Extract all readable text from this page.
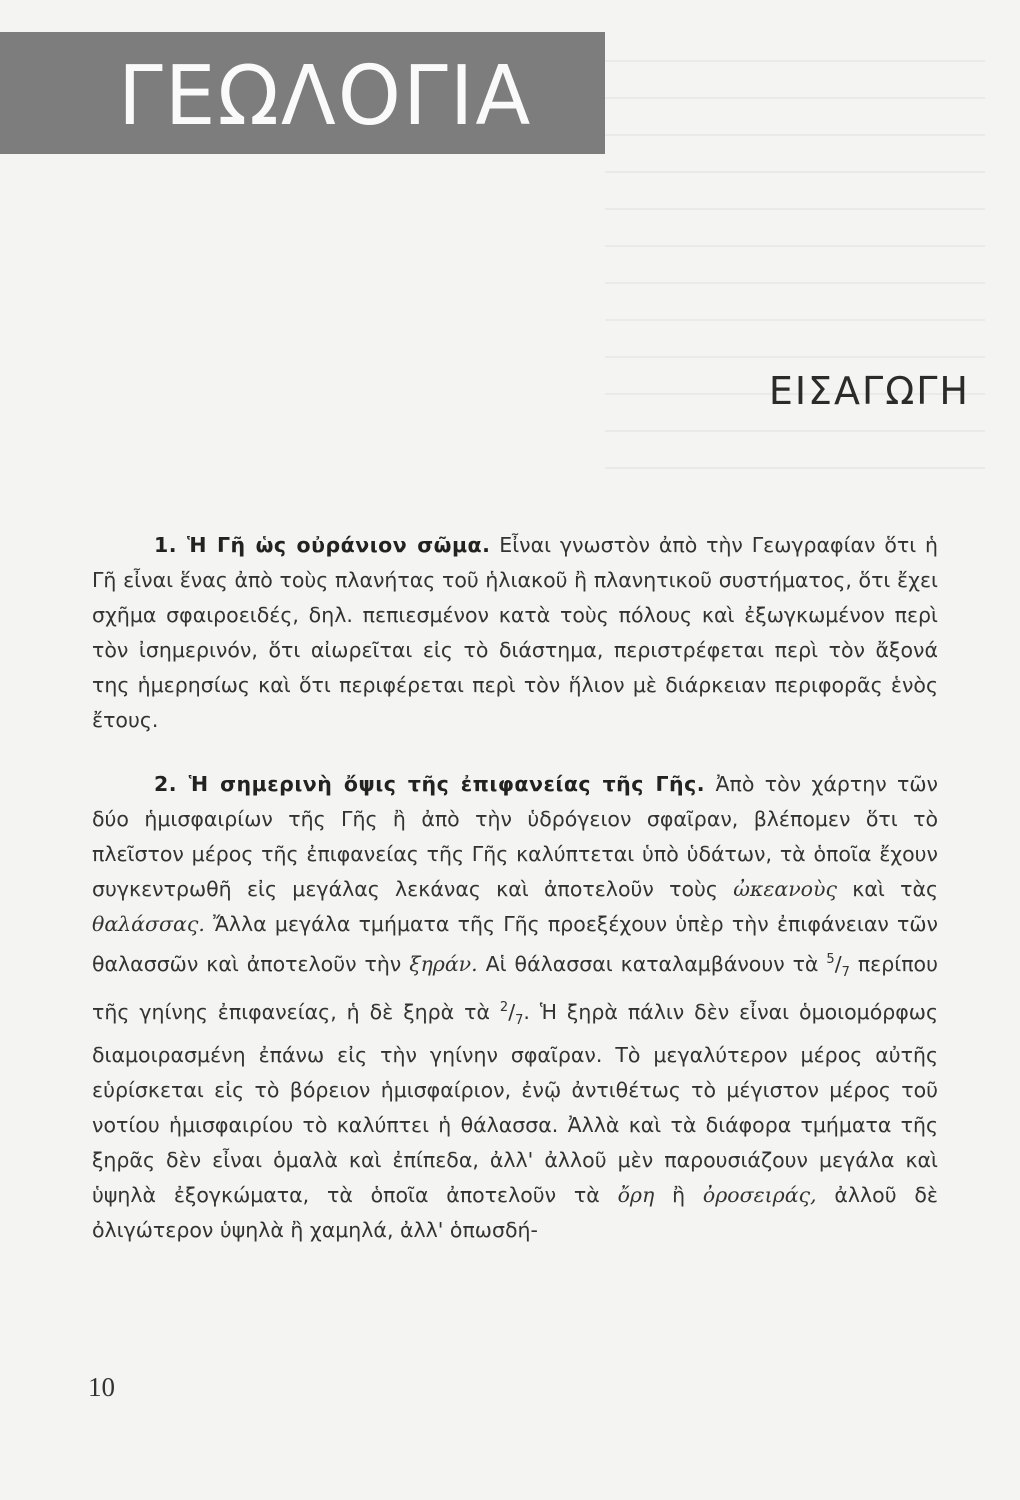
ΓΕΩΛΟΓΙΑ
ΕΙΣΑΓΩΓΗ

1. Ἡ Γῆ ὡς οὐράνιον σῶμα. Εἶναι γνωστὸν ἀπὸ τὴν Γεωγραφίαν ὅτι ἡ Γῆ εἶναι ἕνας ἀπὸ τοὺς πλανήτας τοῦ ἡλιακοῦ ἢ πλανητικοῦ συστήματος, ὅτι ἔχει σχῆμα σφαιροειδές, δηλ. πεπιεσμένον κατὰ τοὺς πόλους καὶ ἐξωγκωμένον περὶ τὸν ἰσημερινόν, ὅτι αἰωρεῖται εἰς τὸ διάστημα, περιστρέφεται περὶ τὸν ἄξονά της ἡμερησίως καὶ ὅτι περιφέρεται περὶ τὸν ἥλιον μὲ διάρκειαν περιφορᾶς ἑνὸς ἔτους.

2. Ἡ σημερινὴ ὄψις τῆς ἐπιφανείας τῆς Γῆς. Ἀπὸ τὸν χάρτην τῶν δύο ἡμισφαιρίων τῆς Γῆς ἢ ἀπὸ τὴν ὑδρόγειον σφαῖραν, βλέπομεν ὅτι τὸ πλεῖστον μέρος τῆς ἐπιφανείας τῆς Γῆς καλύπτεται ὑπὸ ὑδάτων, τὰ ὁποῖα ἔχουν συγκεντρωθῆ εἰς μεγάλας λεκάνας καὶ ἀποτελοῦν τοὺς ὠκεανοὺς καὶ τὰς θαλάσσας. Ἄλλα μεγάλα τμήματα τῆς Γῆς προεξέχουν ὑπὲρ τὴν ἐπιφάνειαν τῶν θαλασσῶν καὶ ἀποτελοῦν τὴν ξηράν. Αἱ θάλασσαι καταλαμβάνουν τὰ $^5/_7$ περίπου τῆς γηίνης ἐπιφανείας, ἡ δὲ ξηρὰ τὰ $^2/_7$. Ἡ ξηρὰ πάλιν δὲν εἶναι ὁμοιομόρφως διαμοιρασμένη ἐπάνω εἰς τὴν γηίνην σφαῖραν. Τὸ μεγαλύτερον μέρος αὐτῆς εὑρίσκεται εἰς τὸ βόρειον ἡμισφαίριον, ἐνῷ ἀντιθέτως τὸ μέγιστον μέρος τοῦ νοτίου ἡμισφαιρίου τὸ καλύπτει ἡ θάλασσα. Ἀλλὰ καὶ τὰ διάφορα τμήματα τῆς ξηρᾶς δὲν εἶναι ὁμαλὰ καὶ ἐπίπεδα, ἀλλ' ἀλλοῦ μὲν παρουσιάζουν μεγάλα καὶ ὑψηλὰ ἐξογκώματα, τὰ ὁποῖα ἀποτελοῦν τὰ ὄρη ἢ ὀροσειράς, ἀλλοῦ δὲ ὀλιγώτερον ὑψηλὰ ἢ χαμηλά, ἀλλ' ὁπωσδή-

10
